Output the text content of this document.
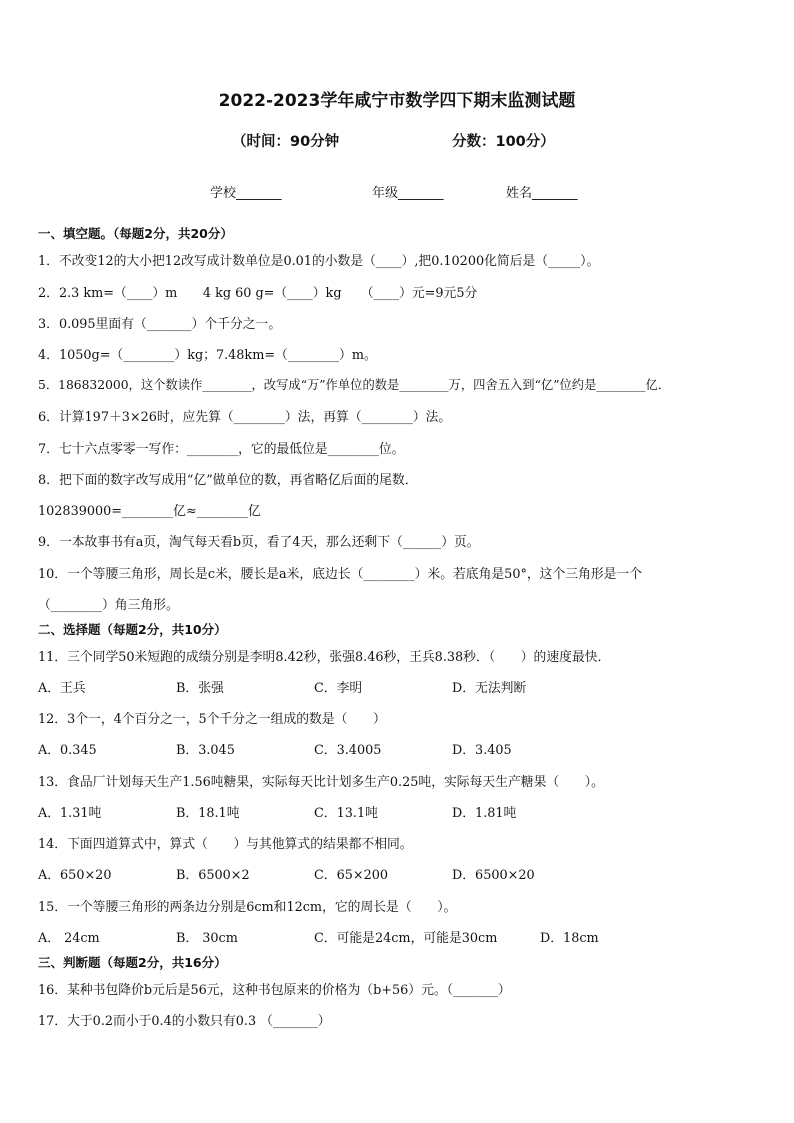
2022-2023学年咸宁市数学四下期末监测试题
（时间：90分钟	分数：100分）
学校_______	年级_______	姓名_______
一、填空题。（每题2分，共20分）
1．不改变12的大小把12改写成计数单位是0.01的小数是（____）,把0.10200化简后是（_____）。
2．2.3 km=（____）m　　4 kg 60 g=（____）kg　　（____）元=9元5分
3．0.095里面有（_______）个千分之一。
4．1050g=（________）kg；7.48km=（________）m。
5．186832000，这个数读作________，改写成“万”作单位的数是________万，四舍五入到“亿”位约是________亿．
6．计算197＋3×26时，应先算（________）法，再算（________）法。
7．七十六点零零一写作：________，它的最低位是________位。
8．把下面的数字改写成用“亿”做单位的数，再省略亿后面的尾数．
102839000=________亿≈________亿
9．一本故事书有a页，淘气每天看b页，看了4天，那么还剩下（______）页。
10．一个等腰三角形，周长是c米，腰长是a米，底边长（________）米。若底角是50°，这个三角形是一个
（________）角三角形。
二、选择题（每题2分，共10分）
11．三个同学50米短跑的成绩分别是李明8.42秒，张强8.46秒，王兵8.38秒．（　　）的速度最快．
A．王兵	B．张强	C．李明	D．无法判断
12．3个一，4个百分之一，5个千分之一组成的数是（　　）
A．0.345	B．3.045	C．3.4005	D．3.405
13．食品厂计划每天生产1.56吨糖果，实际每天比计划多生产0.25吨，实际每天生产糖果（　　）。
A．1.31吨	B．18.1吨	C．13.1吨	D．1.81吨
14．下面四道算式中，算式（　　）与其他算式的结果都不相同。
A．650×20	B．6500×2	C．65×200	D．6500×20
15．一个等腰三角形的两条边分别是6cm和12cm，它的周长是（　　）。
A． 24cm	B． 30cm	C．可能是24cm，可能是30cm	D．18cm
三、判断题（每题2分，共16分）
16．某种书包降价b元后是56元，这种书包原来的价格为（b+56）元。（_______）
17．大于0.2而小于0.4的小数只有0.3 （_______）
